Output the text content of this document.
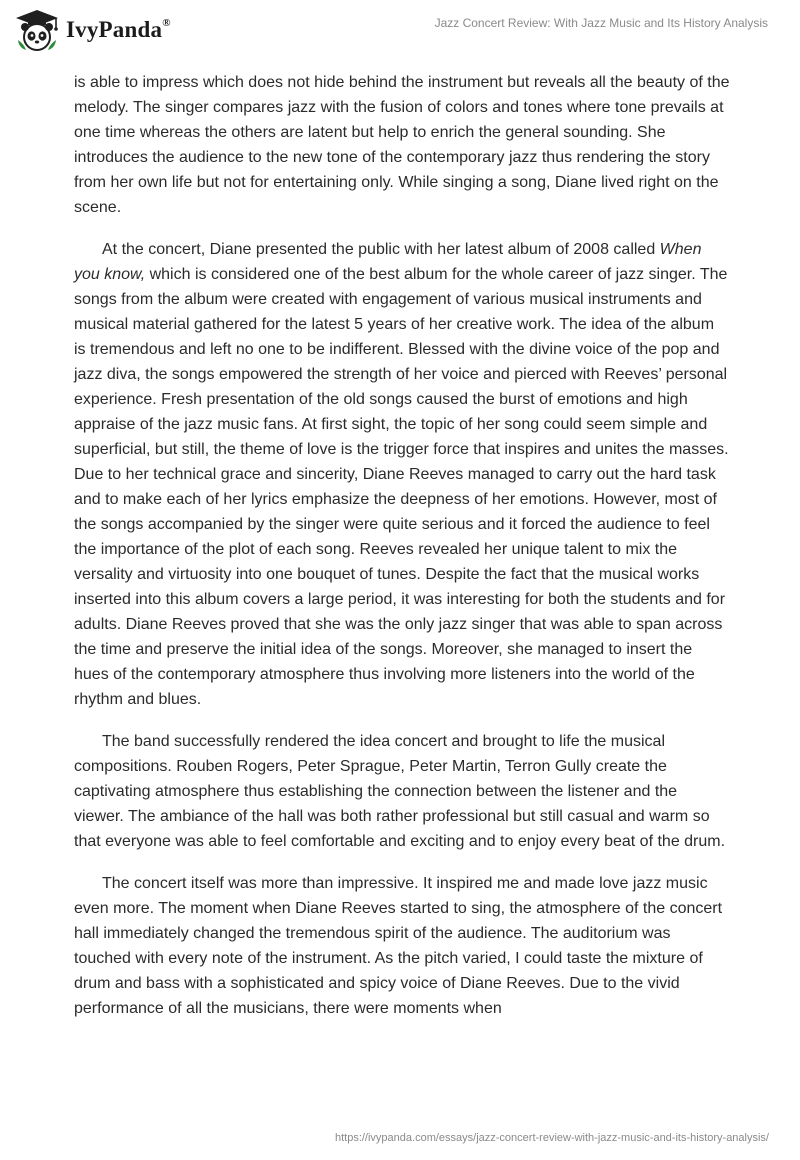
IvyPanda®	Jazz Concert Review: With Jazz Music and Its History Analysis

is able to impress which does not hide behind the instrument but reveals all the beauty of the melody. The singer compares jazz with the fusion of colors and tones where tone prevails at one time whereas the others are latent but help to enrich the general sounding. She introduces the audience to the new tone of the contemporary jazz thus rendering the story from her own life but not for entertaining only. While singing a song, Diane lived right on the scene.

At the concert, Diane presented the public with her latest album of 2008 called When you know, which is considered one of the best album for the whole career of jazz singer. The songs from the album were created with engagement of various musical instruments and musical material gathered for the latest 5 years of her creative work. The idea of the album is tremendous and left no one to be indifferent. Blessed with the divine voice of the pop and jazz diva, the songs empowered the strength of her voice and pierced with Reeves’ personal experience. Fresh presentation of the old songs caused the burst of emotions and high appraise of the jazz music fans. At first sight, the topic of her song could seem simple and superficial, but still, the theme of love is the trigger force that inspires and unites the masses. Due to her technical grace and sincerity, Diane Reeves managed to carry out the hard task and to make each of her lyrics emphasize the deepness of her emotions. However, most of the songs accompanied by the singer were quite serious and it forced the audience to feel the importance of the plot of each song. Reeves revealed her unique talent to mix the versality and virtuosity into one bouquet of tunes. Despite the fact that the musical works inserted into this album covers a large period, it was interesting for both the students and for adults. Diane Reeves proved that she was the only jazz singer that was able to span across the time and preserve the initial idea of the songs. Moreover, she managed to insert the hues of the contemporary atmosphere thus involving more listeners into the world of the rhythm and blues.

The band successfully rendered the idea concert and brought to life the musical compositions. Rouben Rogers, Peter Sprague, Peter Martin, Terron Gully create the captivating atmosphere thus establishing the connection between the listener and the viewer. The ambiance of the hall was both rather professional but still casual and warm so that everyone was able to feel comfortable and exciting and to enjoy every beat of the drum.

The concert itself was more than impressive. It inspired me and made love jazz music even more. The moment when Diane Reeves started to sing, the atmosphere of the concert hall immediately changed the tremendous spirit of the audience. The auditorium was touched with every note of the instrument. As the pitch varied, I could taste the mixture of drum and bass with a sophisticated and spicy voice of Diane Reeves. Due to the vivid performance of all the musicians, there were moments when

https://ivypanda.com/essays/jazz-concert-review-with-jazz-music-and-its-history-analysis/
